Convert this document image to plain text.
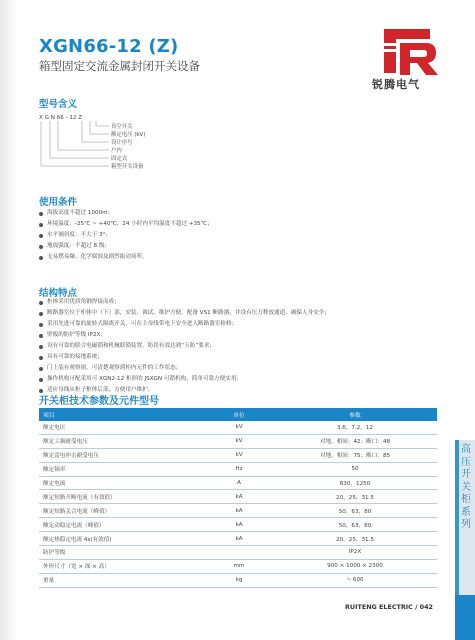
XGN66-12 (Z)
箱型固定交流金属封闭开关设备
锐腾电气
型号含义
X G N 66 - 12 Z
真空开关
额定电压 (kV)
设计序号
户内
固定式
箱型开关设备
使用条件
海拔高度不超过 1000m；
环境温度：-25℃ ~ +40℃，24 小时内平均温度不超过 +35℃；
水平倾斜度：不大于 3°；
地震强度：不超过 8 级；
无易燃易爆、化学腐蚀及剧烈振动场所。
结构特点
柜体采用优质角钢焊接而成；
断路器室位于柜体中（下）部，安装、调试、维护方便。配备 VS1 断路器，并设有压力释放通道，确保人身安全；
采用先进可靠的旋转式隔离开关，可在主母线带电下安全进入断路器室检修；
壁板的防护等级 IP2X；
设有可靠的联合电磁锁和机械联锁装置，防误有效达到“五防”要求；
具有可靠的接地系统；
门上装有观察窗，可清楚观察到柜内元件的工作状态；
操作机构可配采用可 XGN2-12 柜形的 JSXGN 可锁机构，简单可靠方便实用；
适应母线从柜子框体后部，方便用户维护。
开关柜技术参数及元件型号
项目	单位	参数
额定电压	kV	3.6，7.2，12
额定工频耐受电压	kV	对地、相间：42；断口：48
额定雷电冲击耐受电压	kV	对地、相间：75；断口：85
额定频率	Hz	50
额定电流	A	630，1250
额定短路开断电流（有效值）	kA	20，25，31.5
额定短路关合电流（峰值）	kA	50，63，80
额定动稳定电流（峰值）	kA	50，63，80
额定热稳定电流 4s(有效值)	kA	20，25，31.5
防护等级		IP2X
外形尺寸（宽 × 深 × 高）	mm	900 × 1000 × 2300
重量	kg	~ 600
高压开关柜系列
RUITENG ELECTRIC / 042
